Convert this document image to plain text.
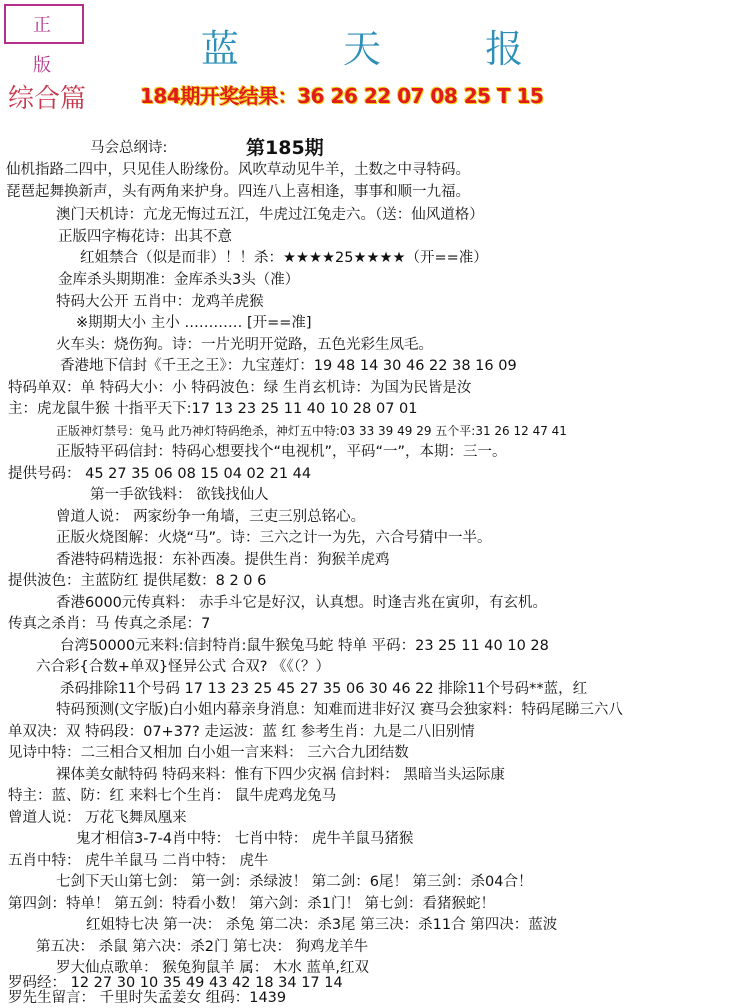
正 版	蓝 天 报
综合篇	184期开奖结果：36 26 22 07 08 25 T 15
第185期
马会总纲诗:
仙机指路二四中，只见佳人盼缘份。风吹草动见牛羊，土数之中寻特码。
琵琶起舞换新声，头有两角来护身。四连八上喜相逢，事事和顺一九福。
澳门天机诗：亢龙无悔过五江，牛虎过江兔走六。（送：仙风道格）
正版四字梅花诗：出其不意
红姐禁合（似是而非）！！杀：★★★★25★★★★（开==准）
金库杀头期期准：金库杀头3头（准）
特码大公开 五肖中：龙鸡羊虎猴
※期期大小 主小 ………… [开==准]
火车头：烧伤狗。诗：一片光明开觉路，五色光彩生凤毛。
香港地下信封《千王之王》：九宝莲灯：19 48 14 30 46 22 38 16 09
特码单双：单 特码大小：小 特码波色：绿 生肖玄机诗：为国为民皆是汝
主：虎龙鼠牛猴 十指平天下:17 13 23 25 11 40 10 28 07 01
正版神灯禁号：兔马 此乃神灯特码绝杀，神灯五中特:03 33 39 49 29 五个平:31 26 12 47 41
正版特平码信封：特码心想要找个“电视机”，平码“一”，本期：三一。
提供号码： 45 27 35 06 08 15 04 02 21 44
第一手欲钱料： 欲钱找仙人
曾道人说： 两家纷争一角墙，三吏三别总铭心。
正版火烧图解：火烧“马”。诗：三六之计一为先，六合号猜中一半。
香港特码精选报：东补西凑。提供生肖：狗猴羊虎鸡
提供波色：主蓝防红 提供尾数：8 2 0 6
香港6000元传真料： 赤手斗它是好汉，认真想。时逢吉兆在寅卯，有玄机。
传真之杀肖：马 传真之杀尾：7
台湾50000元来料:信封特肖:鼠牛猴兔马蛇 特单 平码：23 25 11 40 10 28
六合彩{合数+单双}怪异公式 合双? 《《（？）
杀码排除11个号码 17 13 23 25 45 27 35 06 30 46 22 排除11个号码**蓝，红
特码预测(文字版)白小姐内幕亲身消息：知难而进非好汉 赛马会独家料：特码尾睇三六八
单双决：双 特码段：07+37? 走运波：蓝 红 参考生肖：九是二八旧别情
见诗中特：二三相合又相加 白小姐一言来料： 三六合九团结数
裸体美女献特码 特码来料：惟有下四少灾祸 信封料： 黑暗当头运际康
特主：蓝、防：红 来料七个生肖： 鼠牛虎鸡龙兔马
曾道人说： 万花飞舞凤凰来
鬼才相信3-7-4肖中特： 七肖中特： 虎牛羊鼠马猪猴
五肖中特： 虎牛羊鼠马 二肖中特： 虎牛
七剑下天山第七剑： 第一剑：杀绿波！ 第二剑：6尾！ 第三剑：杀04合！
第四剑：特单！ 第五剑：特看小数！ 第六剑：杀1门！ 第七剑：看猪猴蛇！
红姐特七决 第一决： 杀兔 第二决：杀3尾 第三决：杀11合 第四决：蓝波
第五决： 杀鼠 第六决：杀2门 第七决： 狗鸡龙羊牛
罗大仙点歌单： 猴兔狗鼠羊 属： 木水 蓝单,红双
罗码经： 12 27 30 10 35 49 43 42 18 34 17 14
罗先生留言： 千里时失孟姜女 组码：1439
